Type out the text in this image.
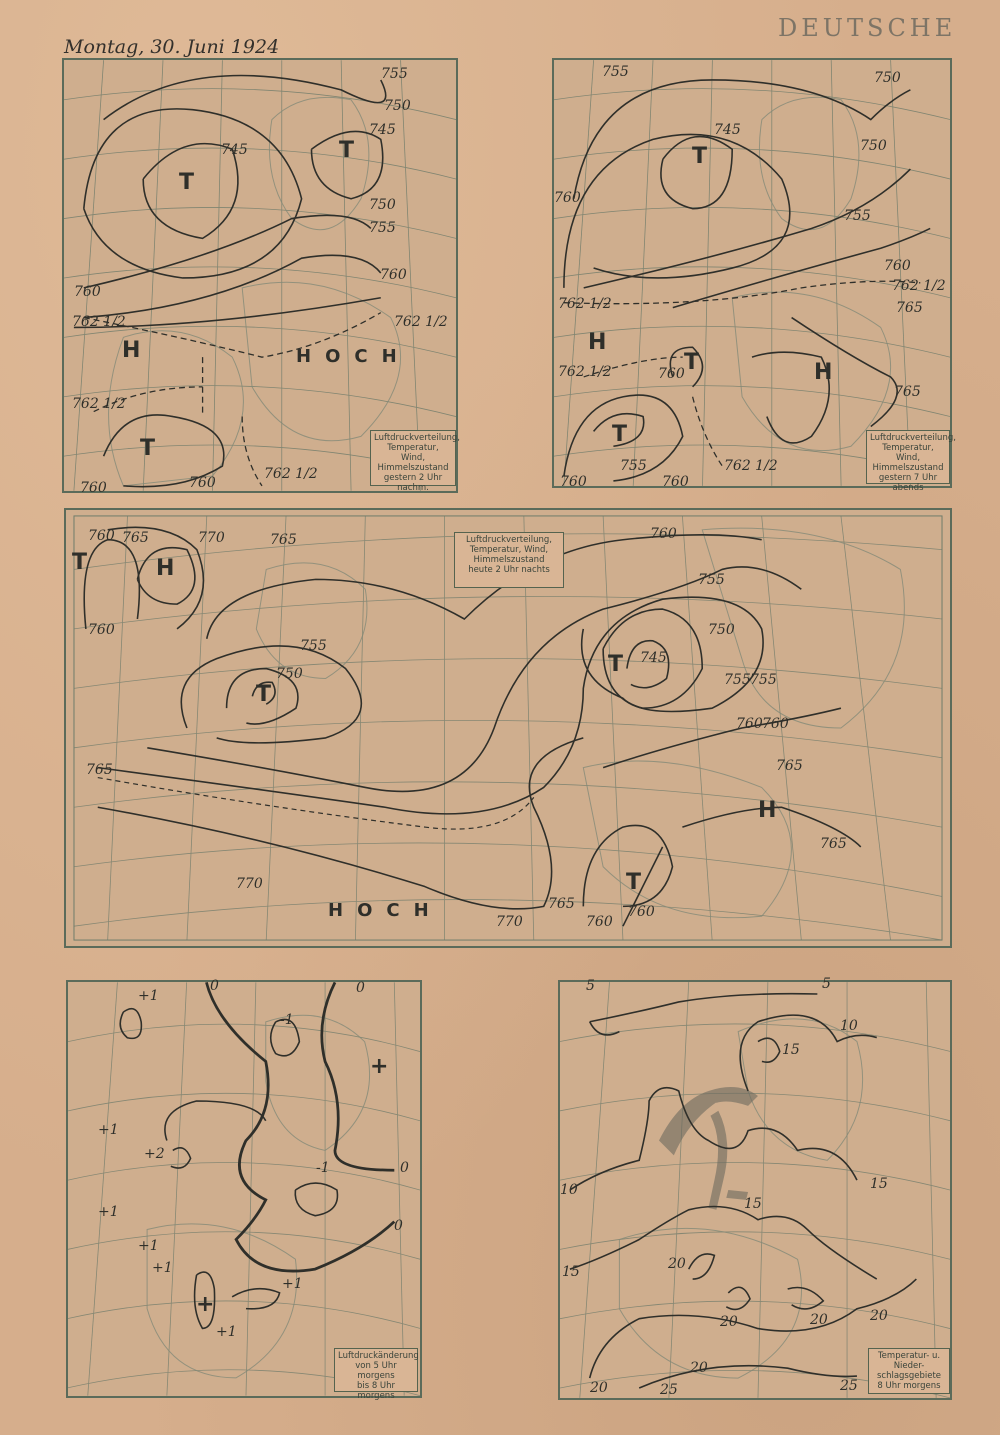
DEUTSCHE
Montag, 30. Juni 1924
755
750
745
745
750
755
760
760
762 1/2	762 1/2
762 1/2
762 1/2
760	760
T
T
H	HOCH
T	Luftdruckverteilung,
Temperatur, Wind,
Himmelszustand
gestern 2 Uhr nachm.
755	750
745
750
755
760
760
762 1/2
762 1/2	765
765
762 1/2
755
760	760
760
762 1/2
T
H
T	H
T	Luftdruckverteilung,
Temperatur, Wind,
Himmelszustand
gestern 7 Uhr abends
760 765	770	765
760
755
750
755
760
760
755
745
750
755
760
765	765
765
770
770
765
760
760
T	H
T
T
H
T
HOCH
Luftdruckverteilung,
Temperatur, Wind,
Himmelszustand
heute 2 Uhr nachts
+1
0	0
-1
+
+1
+2
+1
+1
+1
-1	0
0
+
+1
+1
Luftdruckänderung
von 5 Uhr morgens
bis 8 Uhr morgens
5	5
10
15
10	15
15
15	20
20	20	20
20
20	25	25
Temperatur- u. Nieder-
schlagsgebiete
8 Uhr morgens
